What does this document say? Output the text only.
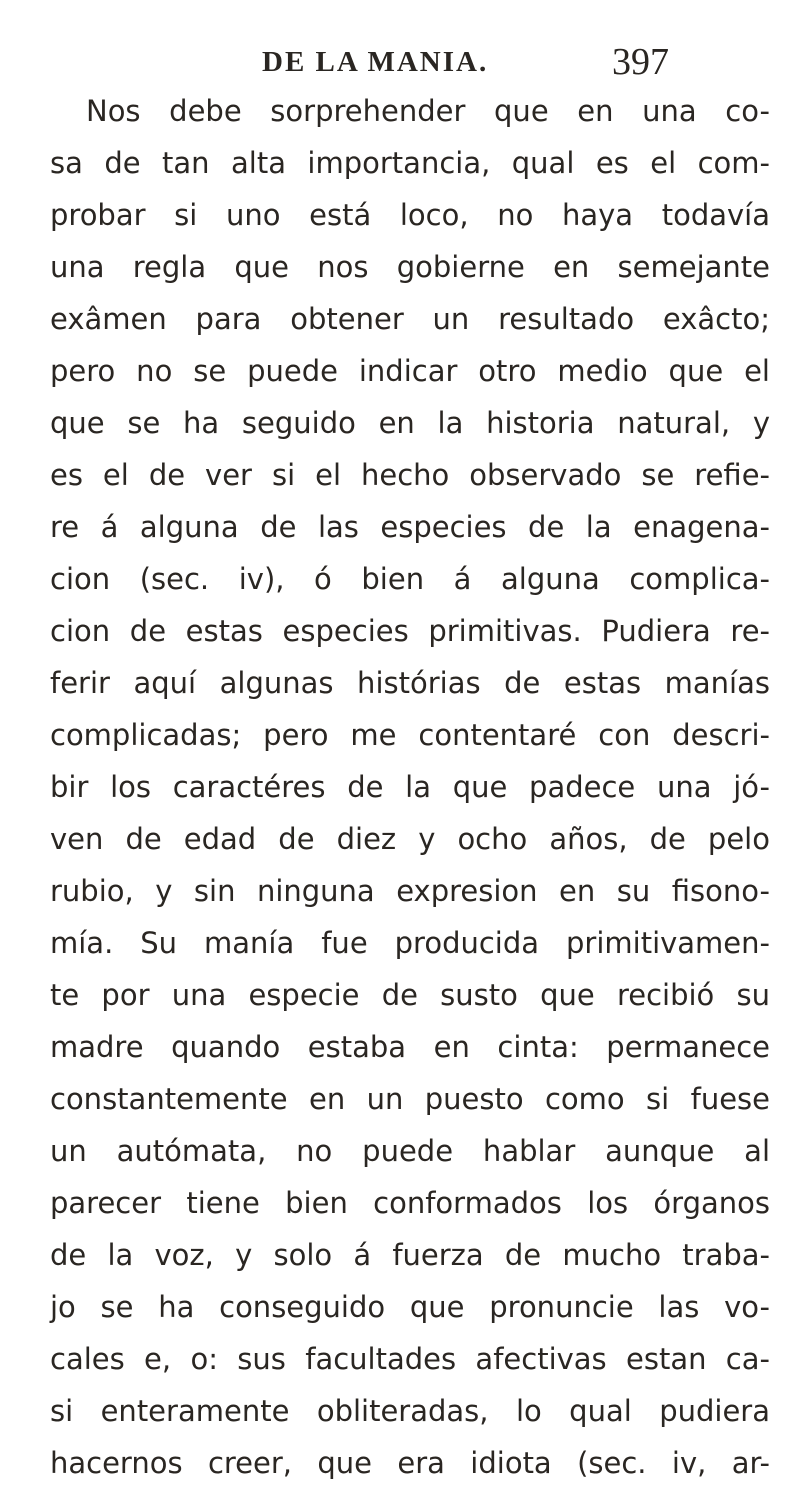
DE LA MANIA.	397
Nos debe sorprehender que en una co-
sa de tan alta importancia, qual es el com-
probar si uno está loco, no haya todavía
una regla que nos gobierne en semejante
exâmen para obtener un resultado exâcto;
pero no se puede indicar otro medio que el
que se ha seguido en la historia natural, y
es el de ver si el hecho observado se refie-
re á alguna de las especies de la enagena-
cion (sec. iv), ó bien á alguna complica-
cion de estas especies primitivas. Pudiera re-
ferir aquí algunas histórias de estas manías
complicadas; pero me contentaré con descri-
bir los caractéres de la que padece una jó-
ven de edad de diez y ocho años, de pelo
rubio, y sin ninguna expresion en su fisono-
mía. Su manía fue producida primitivamen-
te por una especie de susto que recibió su
madre quando estaba en cinta: permanece
constantemente en un puesto como si fuese
un autómata, no puede hablar aunque al
parecer tiene bien conformados los órganos
de la voz, y solo á fuerza de mucho traba-
jo se ha conseguido que pronuncie las vo-
cales e, o: sus facultades afectivas estan ca-
si enteramente obliteradas, lo qual pudiera
hacernos creer, que era idiota (sec. iv, ar-
